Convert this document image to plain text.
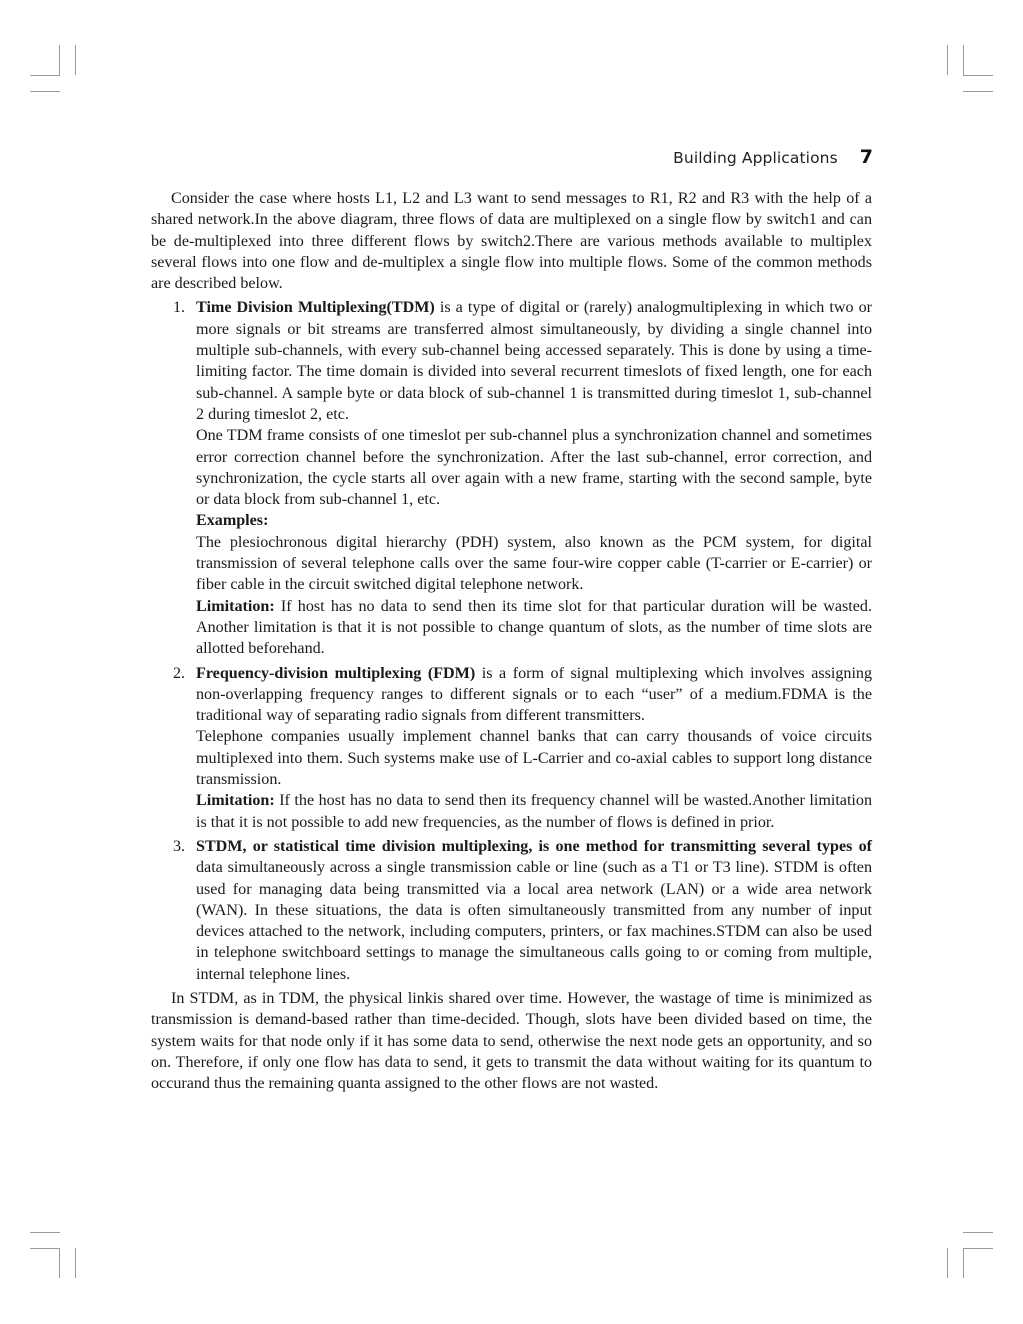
Building Applications 7

Consider the case where hosts L1, L2 and L3 want to send messages to R1, R2 and R3 with the help of a shared network.In the above diagram, three flows of data are multiplexed on a single flow by switch1 and can be de-multiplexed into three different flows by switch2.There are various methods available to multiplex several flows into one flow and de-multiplex a single flow into multiple flows. Some of the common methods are described below.

1. Time Division Multiplexing(TDM) is a type of digital or (rarely) analogmultiplexing in which two or more signals or bit streams are transferred almost simultaneously, by dividing a single channel into multiple sub-channels, with every sub-channel being accessed separately. This is done by using a time-limiting factor. The time domain is divided into several recurrent timeslots of fixed length, one for each sub-channel. A sample byte or data block of sub-channel 1 is transmitted during timeslot 1, sub-channel 2 during timeslot 2, etc.

One TDM frame consists of one timeslot per sub-channel plus a synchronization channel and sometimes error correction channel before the synchronization. After the last sub-channel, error correction, and synchronization, the cycle starts all over again with a new frame, starting with the second sample, byte or data block from sub-channel 1, etc.

Examples:

The plesiochronous digital hierarchy (PDH) system, also known as the PCM system, for digital transmission of several telephone calls over the same four-wire copper cable (T-carrier or E-carrier) or fiber cable in the circuit switched digital telephone network.

Limitation: If host has no data to send then its time slot for that particular duration will be wasted. Another limitation is that it is not possible to change quantum of slots, as the number of time slots are allotted beforehand.

2. Frequency-division multiplexing (FDM) is a form of signal multiplexing which involves assigning non-overlapping frequency ranges to different signals or to each “user” of a medium.FDMA is the traditional way of separating radio signals from different transmitters.

Telephone companies usually implement channel banks that can carry thousands of voice circuits multiplexed into them. Such systems make use of L-Carrier and co-axial cables to support long distance transmission.

Limitation: If the host has no data to send then its frequency channel will be wasted.Another limitation is that it is not possible to add new frequencies, as the number of flows is defined in prior.

3. STDM, or statistical time division multiplexing, is one method for transmitting several types of data simultaneously across a single transmission cable or line (such as a T1 or T3 line). STDM is often used for managing data being transmitted via a local area network (LAN) or a wide area network (WAN). In these situations, the data is often simultaneously transmitted from any number of input devices attached to the network, including computers, printers, or fax machines.STDM can also be used in telephone switchboard settings to manage the simultaneous calls going to or coming from multiple, internal telephone lines.

In STDM, as in TDM, the physical linkis shared over time. However, the wastage of time is minimized as transmission is demand-based rather than time-decided. Though, slots have been divided based on time, the system waits for that node only if it has some data to send, otherwise the next node gets an opportunity, and so on. Therefore, if only one flow has data to send, it gets to transmit the data without waiting for its quantum to occurand thus the remaining quanta assigned to the other flows are not wasted.
